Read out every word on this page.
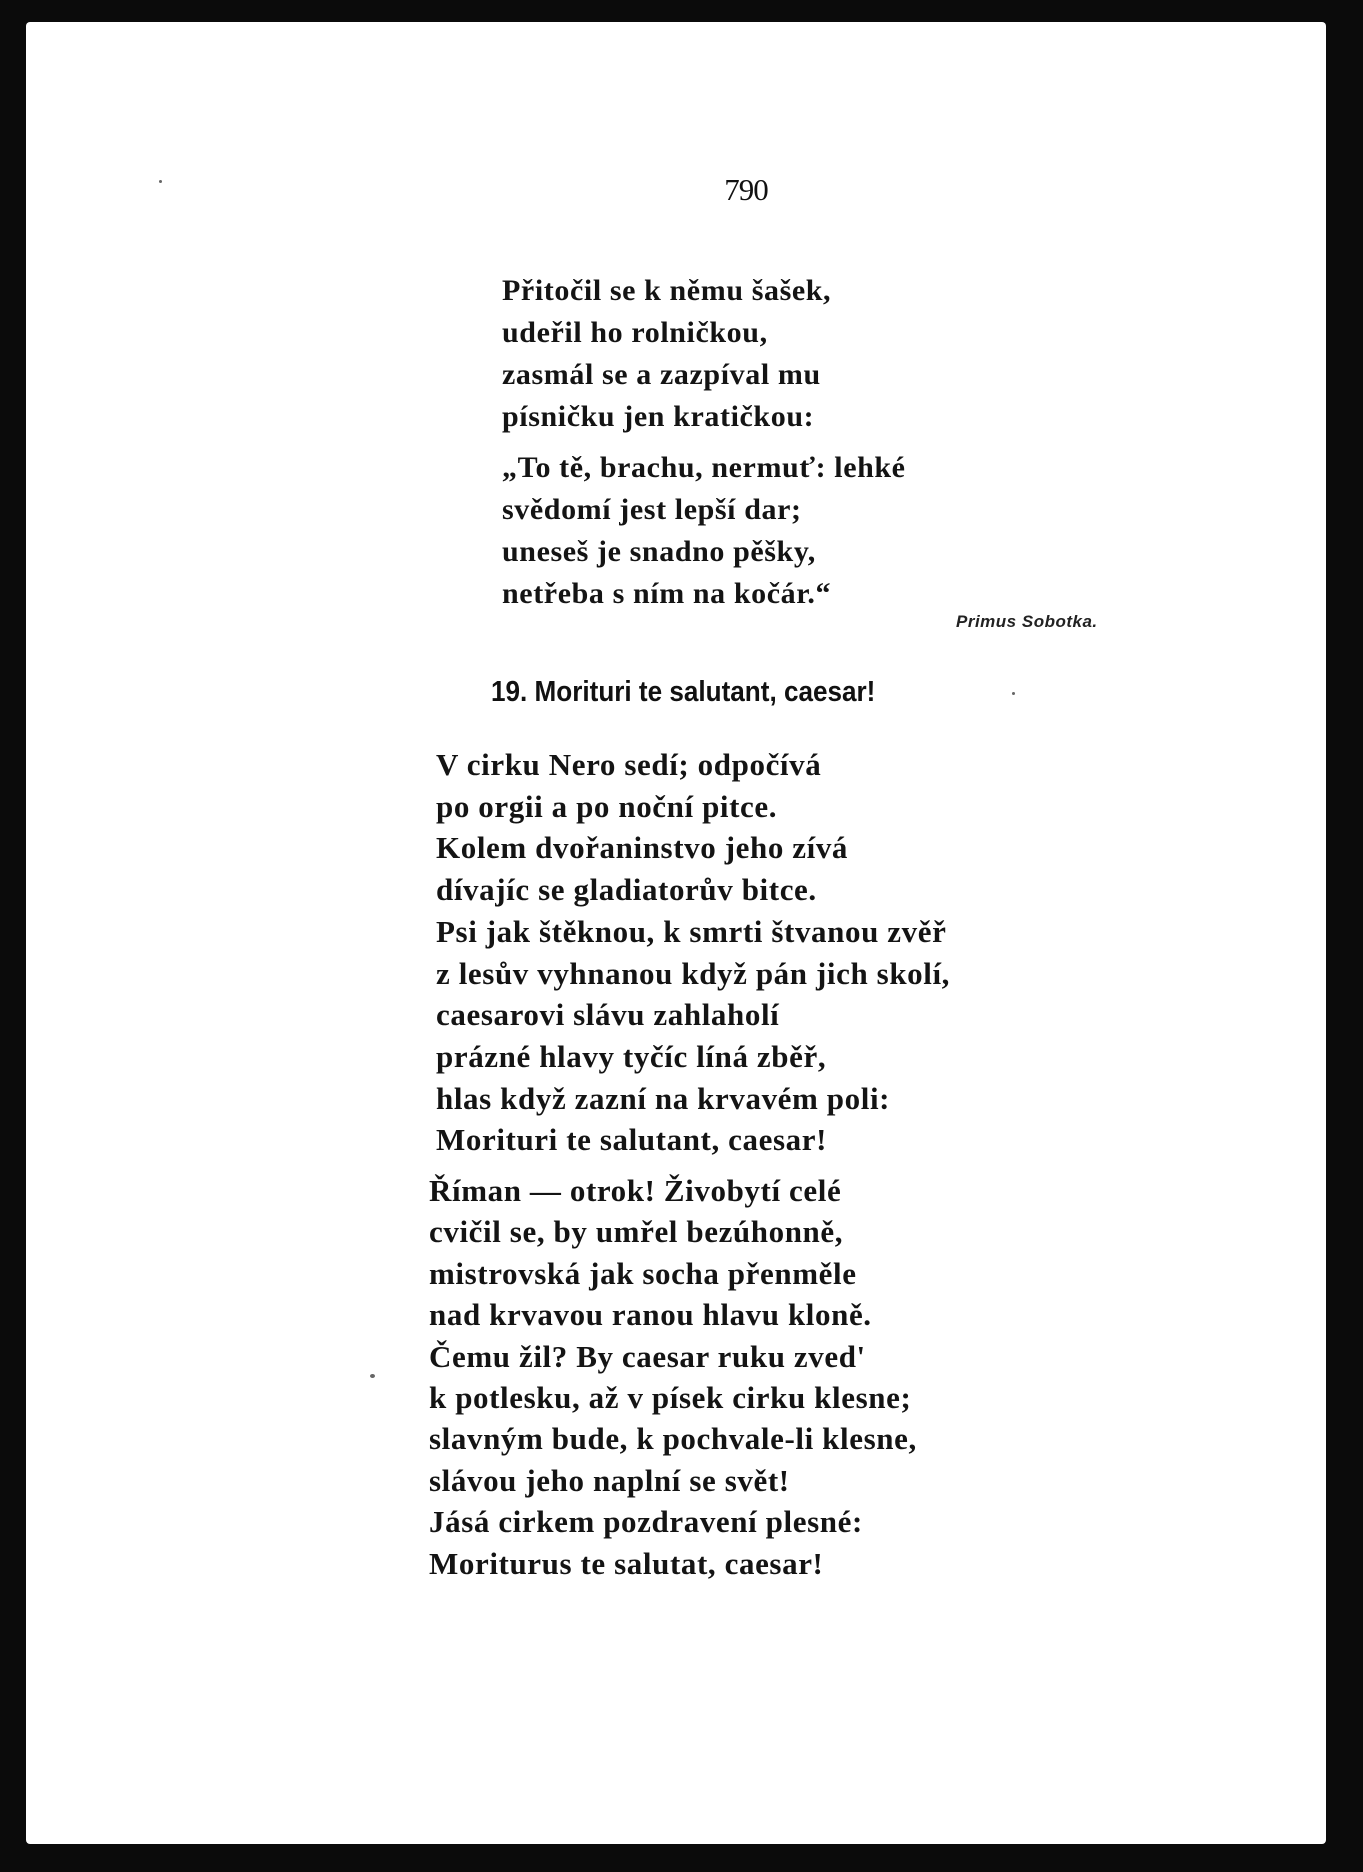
790
Přitočil se k němu šašek,
udeřil ho rolničkou,
zasmál se a zazpíval mu
písničku jen kratičkou:
„To tě, brachu, nermuť: lehké
svědomí jest lepší dar;
uneseš je snadno pěšky,
netřeba s ním na kočár.“
Primus Sobotka.
19. Morituri te salutant, caesar!
V cirku Nero sedí; odpočívá
po orgii a po noční pitce.
Kolem dvořaninstvo jeho zívá
dívajíc se gladiatorův bitce.
Psi jak štěknou, k smrti štvanou zvěř
z lesův vyhnanou když pán jich skolí,
caesarovi slávu zahlaholí
prázné hlavy tyčíc líná zběř,
hlas když zazní na krvavém poli:
Morituri te salutant, caesar!
Říman — otrok! Živobytí celé
cvičil se, by umřel bezúhonně,
mistrovská jak socha přenměle
nad krvavou ranou hlavu kloně.
Čemu žil? By caesar ruku zved'
k potlesku, až v písek cirku klesne;
slavným bude, k pochvale-li klesne,
slávou jeho naplní se svět!
Jásá cirkem pozdravení plesné:
Moriturus te salutat, caesar!
